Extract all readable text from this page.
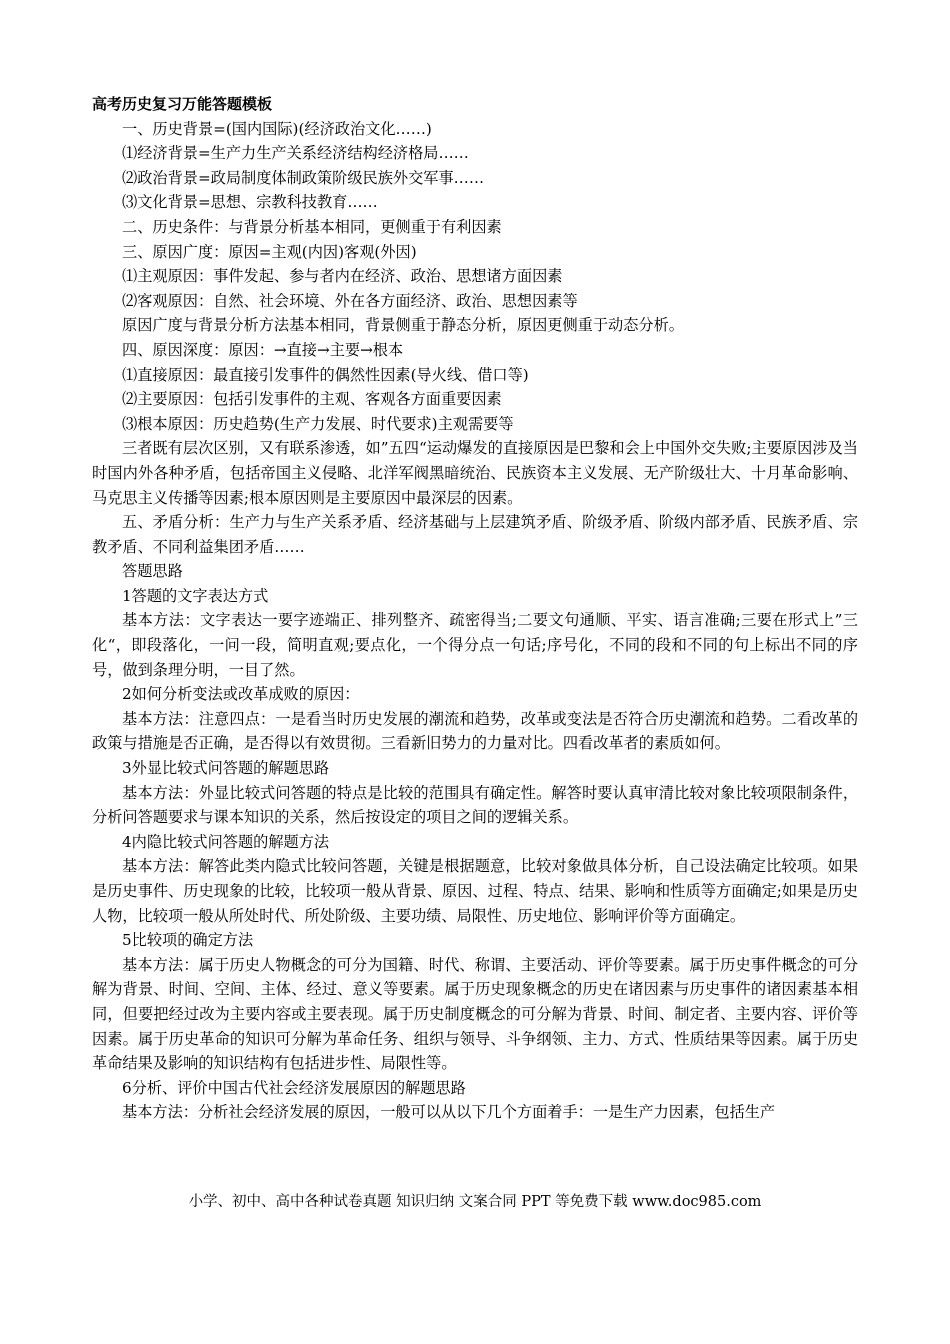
高考历史复习万能答题模板

一、历史背景=(国内国际)(经济政治文化……)

⑴经济背景=生产力生产关系经济结构经济格局……

⑵政治背景=政局制度体制政策阶级民族外交军事……

⑶文化背景=思想、宗教科技教育……

二、历史条件：与背景分析基本相同，更侧重于有利因素

三、原因广度：原因=主观(内因)客观(外因)

⑴主观原因：事件发起、参与者内在经济、政治、思想诸方面因素

⑵客观原因：自然、社会环境、外在各方面经济、政治、思想因素等

原因广度与背景分析方法基本相同，背景侧重于静态分析，原因更侧重于动态分析。

四、原因深度：原因：→直接→主要→根本

⑴直接原因：最直接引发事件的偶然性因素(导火线、借口等)

⑵主要原因：包括引发事件的主观、客观各方面重要因素

⑶根本原因：历史趋势(生产力发展、时代要求)主观需要等

三者既有层次区别，又有联系渗透，如”五四“运动爆发的直接原因是巴黎和会上中国外交失败;主要原因涉及当时国内外各种矛盾，包括帝国主义侵略、北洋军阀黑暗统治、民族资本主义发展、无产阶级壮大、十月革命影响、马克思主义传播等因素;根本原因则是主要原因中最深层的因素。

五、矛盾分析：生产力与生产关系矛盾、经济基础与上层建筑矛盾、阶级矛盾、阶级内部矛盾、民族矛盾、宗教矛盾、不同利益集团矛盾……

答题思路

1答题的文字表达方式

基本方法：文字表达一要字迹端正、排列整齐、疏密得当;二要文句通顺、平实、语言准确;三要在形式上”三化“，即段落化，一问一段，简明直观;要点化，一个得分点一句话;序号化，不同的段和不同的句上标出不同的序号，做到条理分明，一目了然。

2如何分析变法或改革成败的原因：

基本方法：注意四点：一是看当时历史发展的潮流和趋势，改革或变法是否符合历史潮流和趋势。二看改革的政策与措施是否正确，是否得以有效贯彻。三看新旧势力的力量对比。四看改革者的素质如何。

3外显比较式问答题的解题思路

基本方法：外显比较式问答题的特点是比较的范围具有确定性。解答时要认真审清比较对象比较项限制条件，分析问答题要求与课本知识的关系，然后按设定的项目之间的逻辑关系。

4内隐比较式问答题的解题方法

基本方法：解答此类内隐式比较问答题，关键是根据题意，比较对象做具体分析，自己设法确定比较项。如果是历史事件、历史现象的比较，比较项一般从背景、原因、过程、特点、结果、影响和性质等方面确定;如果是历史人物，比较项一般从所处时代、所处阶级、主要功绩、局限性、历史地位、影响评价等方面确定。

5比较项的确定方法

基本方法：属于历史人物概念的可分为国籍、时代、称谓、主要活动、评价等要素。属于历史事件概念的可分解为背景、时间、空间、主体、经过、意义等要素。属于历史现象概念的历史在诸因素与历史事件的诸因素基本相同，但要把经过改为主要内容或主要表现。属于历史制度概念的可分解为背景、时间、制定者、主要内容、评价等因素。属于历史革命的知识可分解为革命任务、组织与领导、斗争纲领、主力、方式、性质结果等因素。属于历史革命结果及影响的知识结构有包括进步性、局限性等。

6分析、评价中国古代社会经济发展原因的解题思路

基本方法：分析社会经济发展的原因，一般可以从以下几个方面着手：一是生产力因素，包括生产

小学、初中、高中各种试卷真题 知识归纳 文案合同 PPT 等免费下载 www.doc985.com
